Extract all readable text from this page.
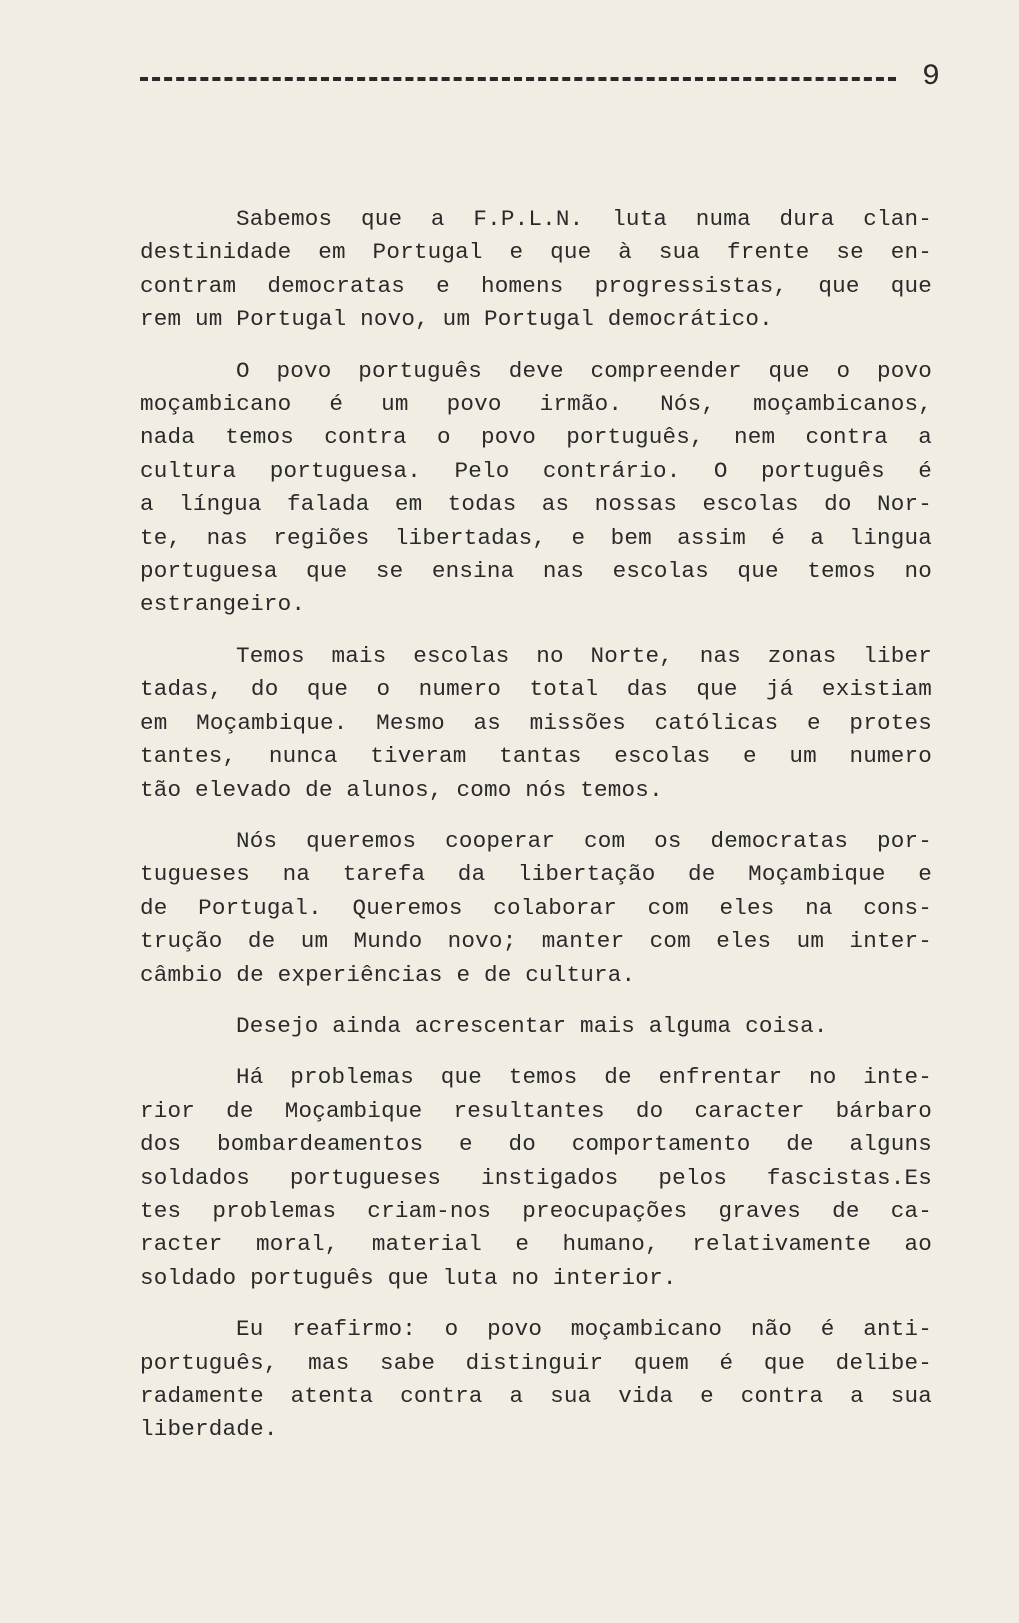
9

Sabemos que a F.P.L.N. luta numa dura clan-
destinidade em Portugal e que à sua frente se en-
contram democratas e homens progressistas, que que
rem um Portugal novo, um Portugal democrático.

O povo português deve compreender que o povo
moçambicano é um povo irmão. Nós, moçambicanos,
nada temos contra o povo português, nem contra a
cultura portuguesa. Pelo contrário. O português é
a língua falada em todas as nossas escolas do Nor-
te, nas regiões libertadas, e bem assim é a lingua
portuguesa que se ensina nas escolas que temos no
estrangeiro.

Temos mais escolas no Norte, nas zonas liber
tadas, do que o numero total das que já existiam
em Moçambique. Mesmo as missões católicas e protes
tantes, nunca tiveram tantas escolas e um numero
tão elevado de alunos, como nós temos.

Nós queremos cooperar com os democratas por-
tugueses na tarefa da libertação de Moçambique e
de Portugal. Queremos colaborar com eles na cons-
trução de um Mundo novo; manter com eles um inter-
câmbio de experiências e de cultura.

Desejo ainda acrescentar mais alguma coisa.

Há problemas que temos de enfrentar no inte-
rior de Moçambique resultantes do caracter bárbaro
dos bombardeamentos e do comportamento de alguns
soldados portugueses instigados pelos fascistas.Es
tes problemas criam-nos preocupações graves de ca-
racter moral, material e humano, relativamente ao
soldado português que luta no interior.

Eu reafirmo: o povo moçambicano não é anti-
português, mas sabe distinguir quem é que delibe-
radamente atenta contra a sua vida e contra a sua
liberdade.
